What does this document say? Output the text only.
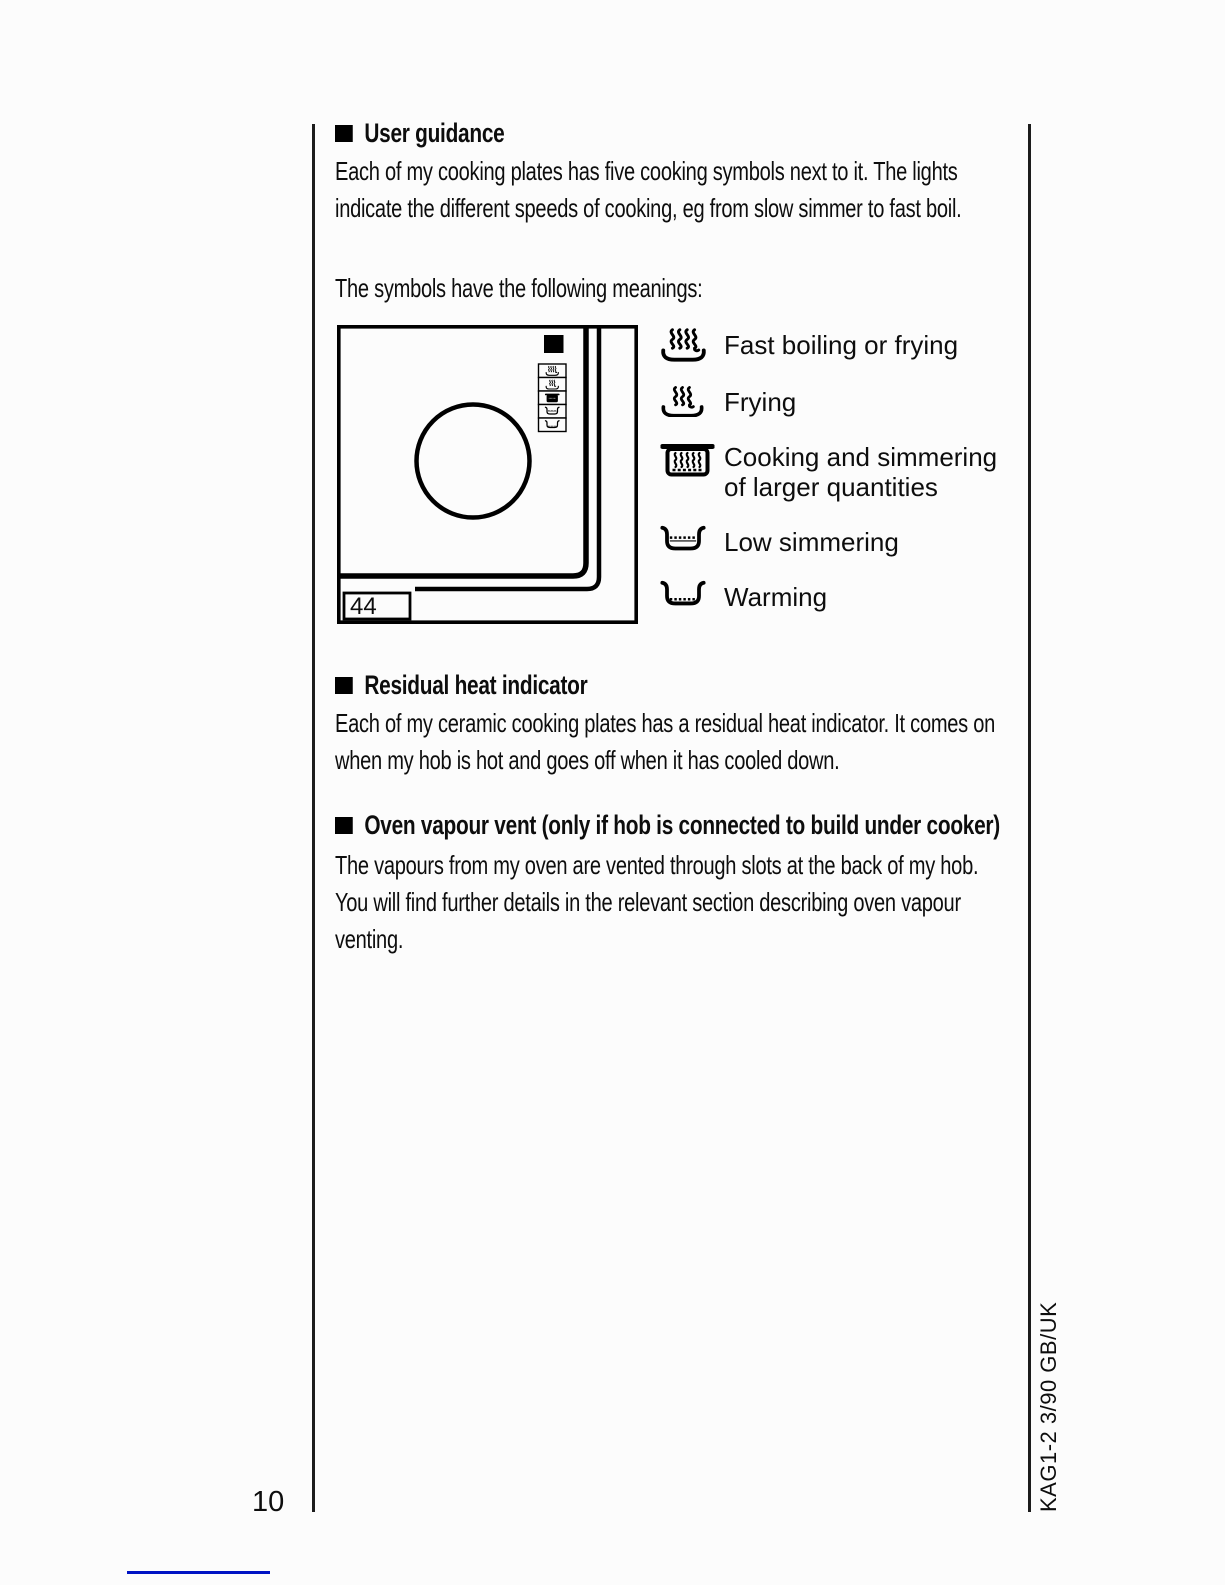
User guidance

Each of my cooking plates has five cooking symbols next to it. The lights indicate the different speeds of cooking, eg from slow simmer to fast boil.

The symbols have the following meanings:

44
Fast boiling or frying
Frying
Cooking and simmering of larger quantities
Low simmering
Warming
Residual heat indicator

Each of my ceramic cooking plates has a residual heat indicator. It comes on when my hob is hot and goes off when it has cooled down.

Oven vapour vent (only if hob is connected to build under cooker)

The vapours from my oven are vented through slots at the back of my hob. You will find further details in the relevant section describing oven vapour venting.

10	KAG1-2 3/90 GB/UK
